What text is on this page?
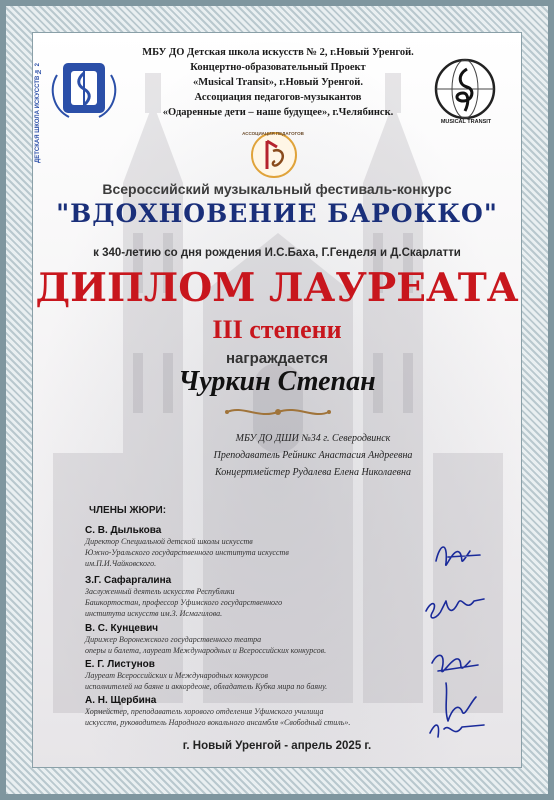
ДЕТСКАЯ ШКОЛА ИСКУССТВ № 2	MUSICAL TRANSIT
АССОЦИАЦИЯ ПЕДАГОГОВ
МБУ ДО Детская школа искусств № 2, г.Новый Уренгой.
Концертно-образовательный Проект
«Musical Transit», г.Новый Уренгой.
Ассоциация педагогов-музыкантов
«Одаренные дети – наше будущее», г.Челябинск.
Всероссийский музыкальный фестиваль-конкурс
"ВДОХНОВЕНИЕ БАРОККО"
к 340-летию со дня рождения И.С.Баха, Г.Генделя и Д.Скарлатти
ДИПЛОМ ЛАУРЕАТА
III степени
награждается
Чуркин Степан
МБУ ДО ДШИ №34 г. Северодвинск
Преподаватель Рейникс Анастасия Андреевна
Концертмейстер Рудалева Елена Николаевна
ЧЛЕНЫ ЖЮРИ:
С. В. Дылькова
Директор Специальной детской школы искусств
Южно-Уральского государственного института искусств
им.П.И.Чайковского.
З.Г. Сафаргалина
Заслуженный деятель искусств Республики
Башкортостан, профессор Уфимского государственного
института искусств им.З. Исмагилова.
В. С. Кунцевич
Дирижер Воронежского государственного театра
оперы и балета, лауреат Международных и Всероссийских конкурсов.
Е. Г. Листунов
Лауреат Всероссийских и Международных конкурсов
исполнителей на баяне и аккордеоне, обладатель Кубка мира по баяну.
А. Н. Щербина
Хормейстер, преподаватель хорового отделения Уфимского училища
искусств, руководитель Народного вокального ансамбля «Свободный стиль».
г. Новый Уренгой - апрель 2025 г.
